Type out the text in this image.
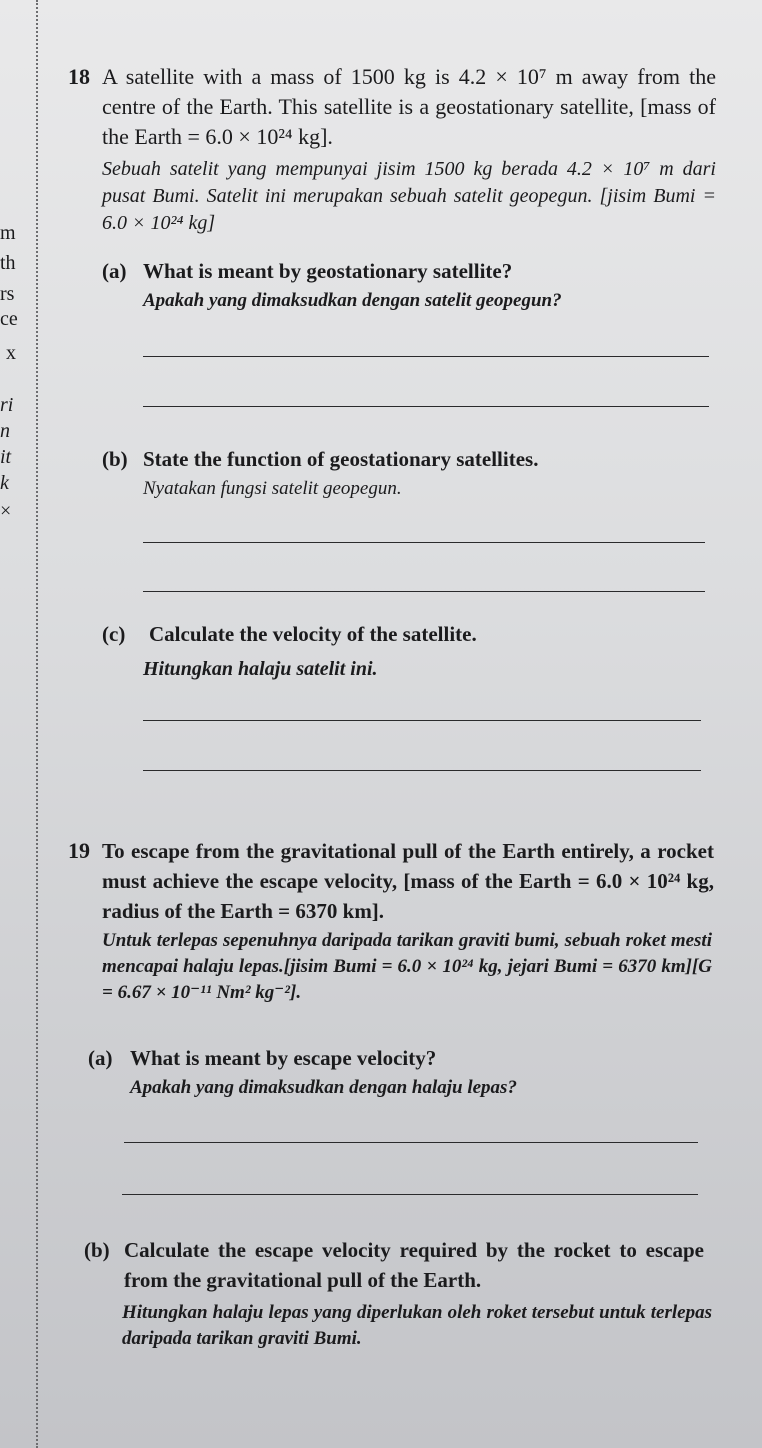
m
th
rs
ce
x
ri
n
it
k
×
18 A satellite with a mass of 1500 kg is 4.2 × 10⁷ m away from the centre of the Earth. This satellite is a geostationary satellite, [mass of the Earth = 6.0 × 10²⁴ kg].
Sebuah satelit yang mempunyai jisim 1500 kg berada 4.2 × 10⁷ m dari pusat Bumi. Satelit ini merupakan sebuah satelit geopegun. [jisim Bumi = 6.0 × 10²⁴ kg]
(a) What is meant by geostationary satellite?
Apakah yang dimaksudkan dengan satelit geopegun?
(b) State the function of geostationary satellites.
Nyatakan fungsi satelit geopegun.
(c) Calculate the velocity of the satellite.
Hitungkan halaju satelit ini.
19 To escape from the gravitational pull of the Earth entirely, a rocket must achieve the escape velocity, [mass of the Earth = 6.0 × 10²⁴ kg, radius of the Earth = 6370 km].
Untuk terlepas sepenuhnya daripada tarikan graviti bumi, sebuah roket mesti mencapai halaju lepas.[jisim Bumi = 6.0 × 10²⁴ kg, jejari Bumi = 6370 km][G = 6.67 × 10⁻¹¹ Nm² kg⁻²].
(a) What is meant by escape velocity?
Apakah yang dimaksudkan dengan halaju lepas?
(b) Calculate the escape velocity required by the rocket to escape from the gravitational pull of the Earth.
Hitungkan halaju lepas yang diperlukan oleh roket tersebut untuk terlepas daripada tarikan graviti Bumi.
